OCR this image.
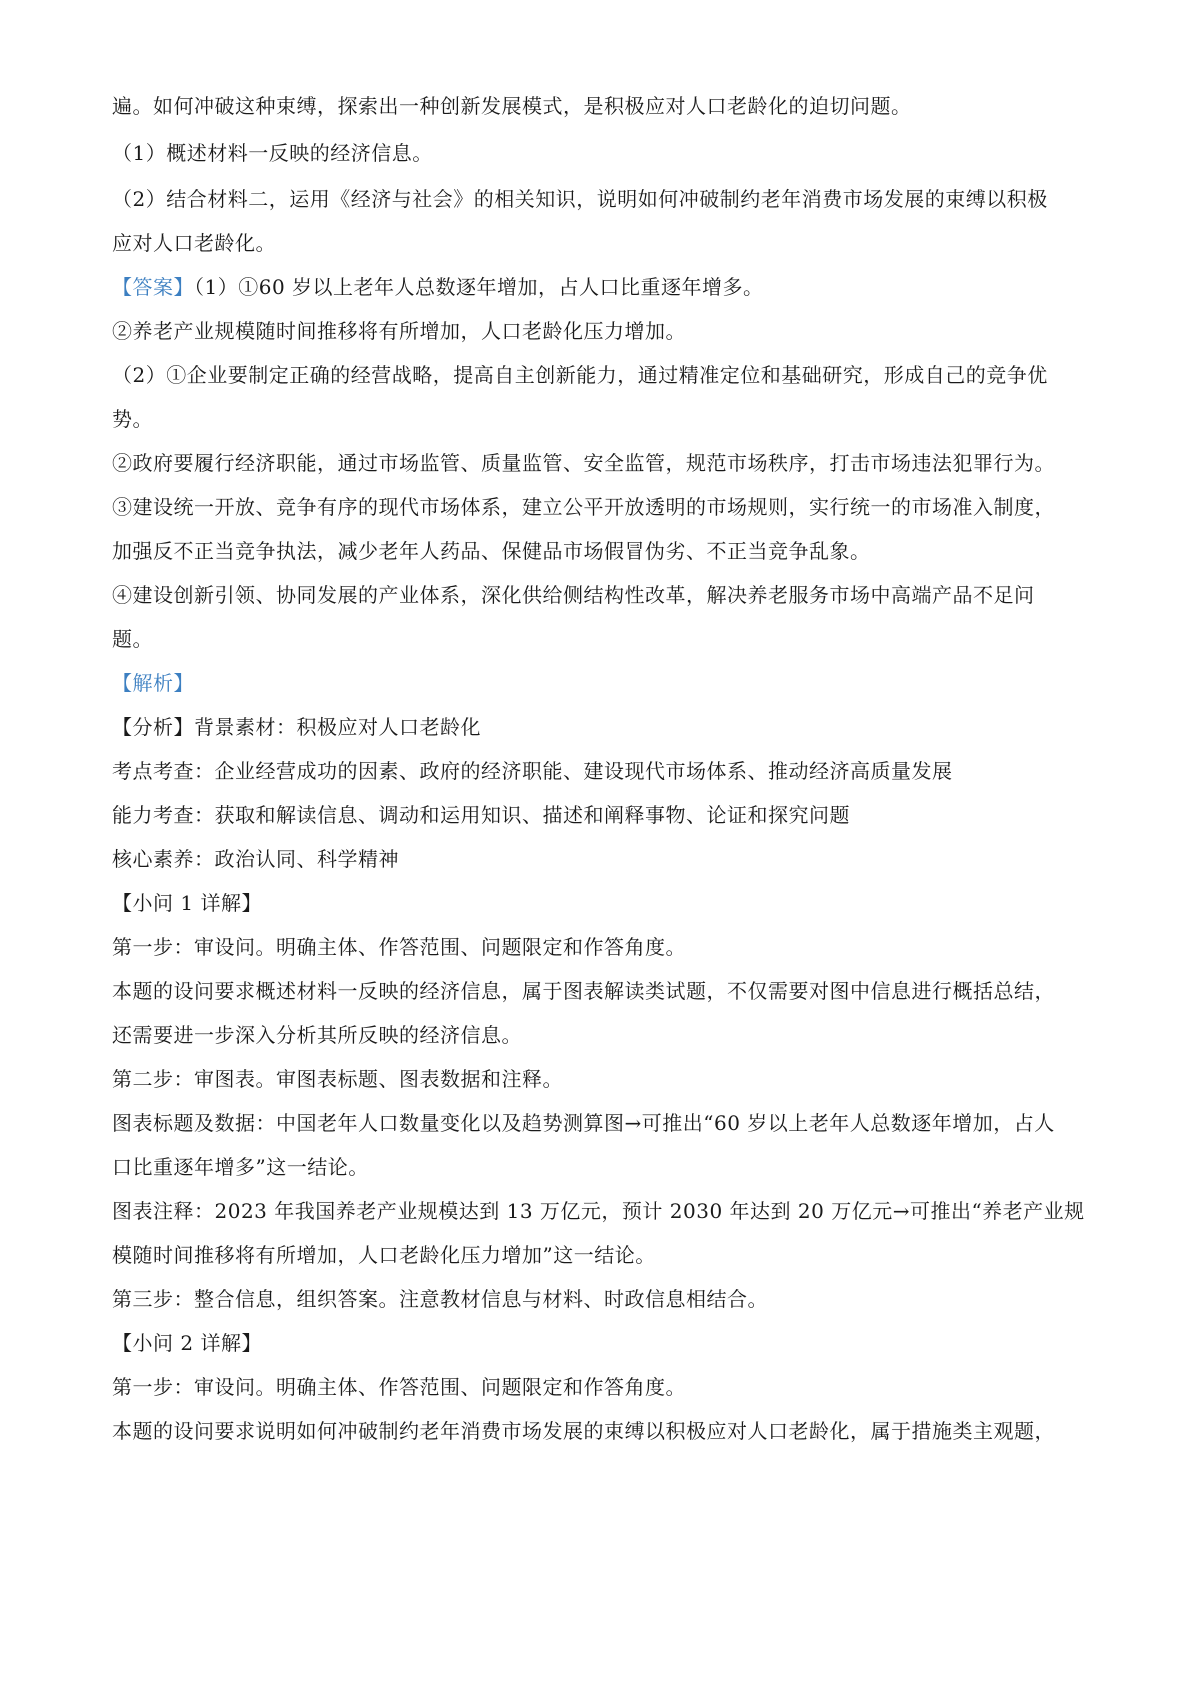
遍。如何冲破这种束缚，探索出一种创新发展模式，是积极应对人口老龄化的迫切问题。
（1）概述材料一反映的经济信息。
（2）结合材料二，运用《经济与社会》的相关知识，说明如何冲破制约老年消费市场发展的束缚以积极
应对人口老龄化。
【答案】（1）①60 岁以上老年人总数逐年增加，占人口比重逐年增多。
②养老产业规模随时间推移将有所增加，人口老龄化压力增加。
（2）①企业要制定正确的经营战略，提高自主创新能力，通过精准定位和基础研究，形成自己的竞争优
势。
②政府要履行经济职能，通过市场监管、质量监管、安全监管，规范市场秩序，打击市场违法犯罪行为。
③建设统一开放、竞争有序的现代市场体系，建立公平开放透明的市场规则，实行统一的市场准入制度，
加强反不正当竞争执法，减少老年人药品、保健品市场假冒伪劣、不正当竞争乱象。
④建设创新引领、协同发展的产业体系，深化供给侧结构性改革，解决养老服务市场中高端产品不足问
题。
【解析】
【分析】背景素材：积极应对人口老龄化
考点考查：企业经营成功的因素、政府的经济职能、建设现代市场体系、推动经济高质量发展
能力考查：获取和解读信息、调动和运用知识、描述和阐释事物、论证和探究问题
核心素养：政治认同、科学精神
【小问 1 详解】
第一步：审设问。明确主体、作答范围、问题限定和作答角度。
本题的设问要求概述材料一反映的经济信息，属于图表解读类试题，不仅需要对图中信息进行概括总结，
还需要进一步深入分析其所反映的经济信息。
第二步：审图表。审图表标题、图表数据和注释。
图表标题及数据：中国老年人口数量变化以及趋势测算图→可推出“60 岁以上老年人总数逐年增加，占人
口比重逐年增多”这一结论。
图表注释：2023 年我国养老产业规模达到 13 万亿元，预计 2030 年达到 20 万亿元→可推出“养老产业规
模随时间推移将有所增加，人口老龄化压力增加”这一结论。
第三步：整合信息，组织答案。注意教材信息与材料、时政信息相结合。
【小问 2 详解】
第一步：审设问。明确主体、作答范围、问题限定和作答角度。
本题的设问要求说明如何冲破制约老年消费市场发展的束缚以积极应对人口老龄化，属于措施类主观题，
